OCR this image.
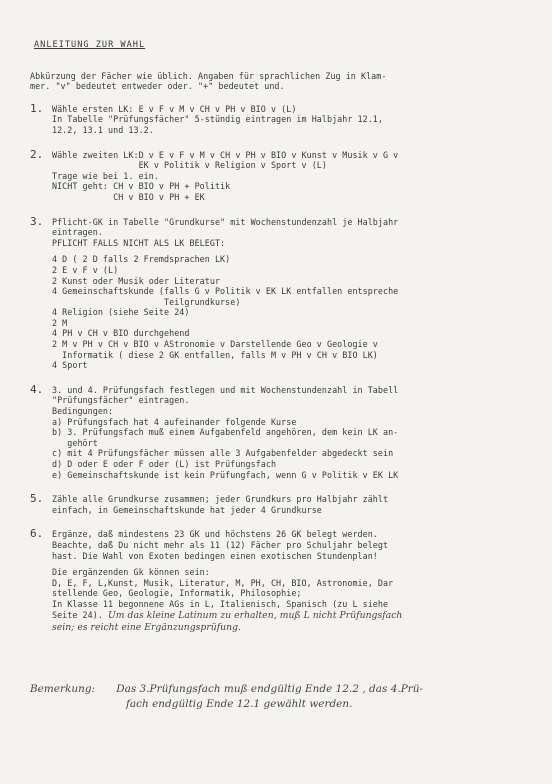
ANLEITUNG ZUR WAHL
Abkürzung der Fächer wie üblich. Angaben für sprachlichen Zug in Klam-
mer. "v" bedeutet entweder oder. "+" bedeutet und.
1. Wähle ersten LK: E v F v M v CH v PH v BIO v (L)
In Tabelle "Prüfungsfächer" 5-stündig eintragen im Halbjahr 12.1,
12.2, 13.1 und 13.2.
2. Wähle zweiten LK:D v E v F v M v CH v PH v BIO v Kunst v Musik v G v
EK v Politik v Religion v Sport v (L)
Trage wie bei 1. ein.
NICHT geht: CH v BIO v PH + Politik
CH v BIO v PH + EK
3. Pflicht-GK in Tabelle "Grundkurse" mit Wochenstundenzahl je Halbjahr
eintragen.
PFLICHT FALLS NICHT ALS LK BELEGT:
4 D ( 2 D falls 2 Fremdsprachen LK)
2 E v F v (L)
2 Kunst oder Musik oder Literatur
4 Gemeinschaftskunde (falls G v Politik v EK LK entfallen entspreche
Teilgrundkurse)
4 Religion (siehe Seite 24)
2 M
4 PH v CH v BIO durchgehend
2 M v PH v CH v BIO v AStronomie v Darstellende Geo v Geologie v
Informatik ( diese 2 GK entfallen, falls M v PH v CH v BIO LK)
4 Sport
4. 3. und 4. Prüfungsfach festlegen und mit Wochenstundenzahl in Tabell
"Prüfungsfächer" eintragen.
Bedingungen:
a) Prüfungsfach hat 4 aufeinander folgende Kurse
b) 3. Prüfungsfach muß einem Aufgabenfeld angehören, dem kein LK an-
gehört
c) mit 4 Prüfungsfächer müssen alle 3 Aufgabenfelder abgedeckt sein
d) D oder E oder F oder (L) ist Prüfungsfach
e) Gemeinschaftskunde ist kein Prüfungfach, wenn G v Politik v EK LK
5. Zähle alle Grundkurse zusammen; jeder Grundkurs pro Halbjahr zählt
einfach, in Gemeinschaftskunde hat jeder 4 Grundkurse
6. Ergänze, daß mindestens 23 GK und höchstens 26 GK belegt werden.
Beachte, daß Du nicht mehr als 11 (12) Fächer pro Schuljahr belegt
hast. Die Wahl von Exoten bedingen einen exotischen Stundenplan!
Die ergänzenden Gk können sein:
D, E, F, L,Kunst, Musik, Literatur, M, PH, CH, BIO, Astronomie, Dar
stellende Geo, Geologie, Informatik, Philosophie;
In Klasse 11 begonnene AGs in L, Italienisch, Spanisch (zu L siehe
Seite 24). Um das kleine Latinum zu erhalten, muß L nicht Prüfungsfach
sein; es reicht eine Ergänzungsprüfung.
Bemerkung: Das 3.Prüfungsfach muß endgültig Ende 12.2 , das 4.Prü-
fach endgültig Ende 12.1 gewählt werden.
